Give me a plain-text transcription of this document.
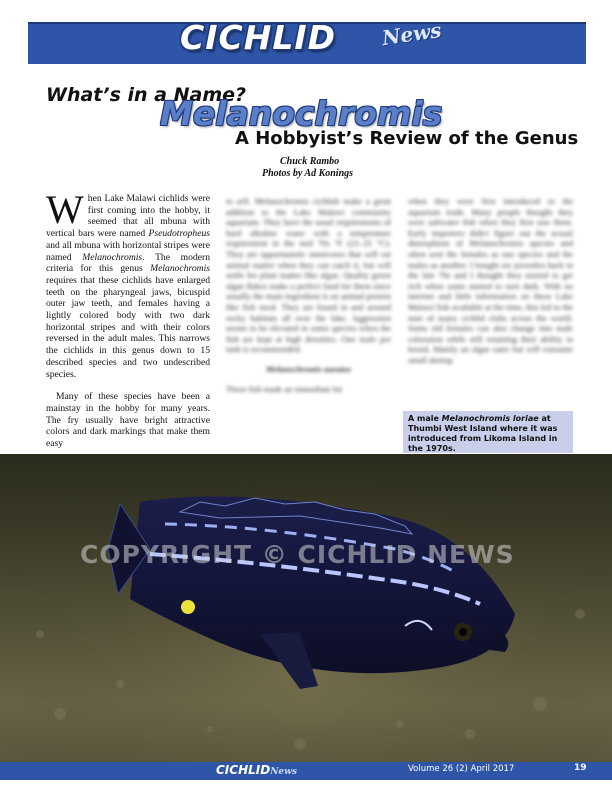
CICHLID News
What’s in a Name?
Melanochromis
A Hobbyist’s Review of the Genus
Chuck Rambo
Photos by Ad Konings

When Lake Malawi cichlids were first coming into the hobby, it seemed that all mbuna with vertical bars were named Pseudotropheus and all mbuna with horizontal stripes were named Melanochromis. The modern criteria for this genus Melanochromis requires that these cichlids have enlarged teeth on the pharyngeal jaws, bicuspid outer jaw teeth, and females having a lightly colored body with two dark horizontal stripes and with their colors reversed in the adult males. This narrows the cichlids in this genus down to 15 described species and two undescribed species.

Many of these species have been a mainstay in the hobby for many years. The fry usually have bright attractive colors and dark markings that make them easy

to sell. Melanochromis cichlids make a great addition to the Lake Malawi community aquarium. They have the usual requirements of hard alkaline water with a temperature requirement in the mid 70s °F (21–25 °C). They are opportunistic omnivores that will eat animal matter when they can catch it, but will settle for plant matter like algae. Quality green algae flakes make a perfect food for them since usually the main ingredient is an animal protein like fish meal. They are found in and around rocky habitats all over the lake. Aggression seems to be elevated in some species when the fish are kept at high densities. One male per tank is recommended.

Melanochromis auratus

These fish made an immediate hit

when they were first introduced to the aquarium trade. Many people thought they were saltwater fish when they first saw them. Early importers didn't figure out the sexual dimorphism of Melanochromis species and often sent the females as one species and the males as another. I bought six juveniles back in the late 70s and I thought they started to get rich when some started to turn dark. With no internet and little information on these Lake Malawi fish available at the time, this led to the start of many cichlid clubs across the world. Some old females can also change into male coloration while still retaining their ability to brood. Mainly an algae eater but will consume small shrimp

A male Melanochromis loriae at Thumbi West Island where it was introduced from Likoma Island in the 1970s.
COPYRIGHT © CICHLID NEWS
CICHLIDNews	Volume 26 (2) April 2017	19
